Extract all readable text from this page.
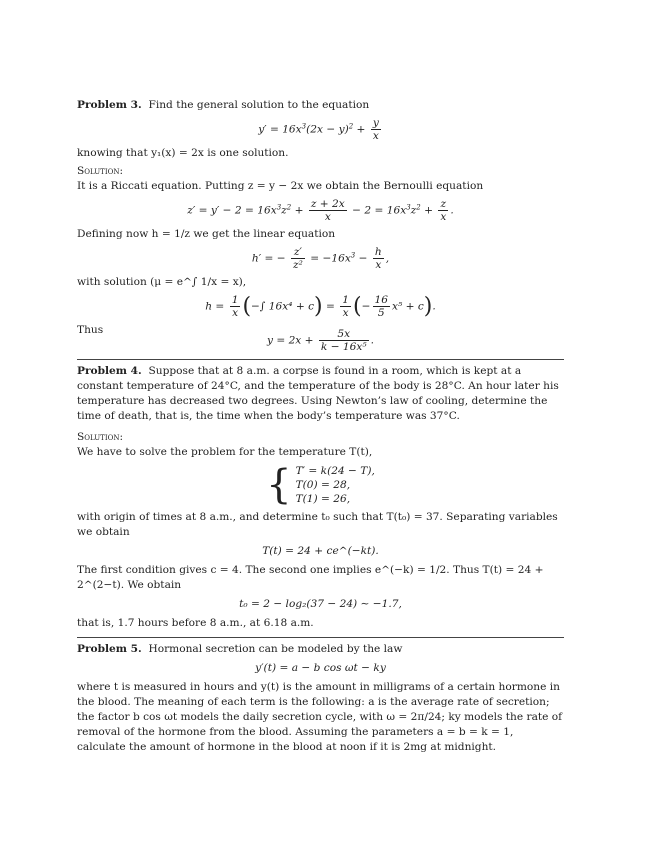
Problem 3. Find the general solution to the equation

$y' = 16x^3(2x - y)^2 + \frac{y}{x}$

knowing that y₁(x) = 2x is one solution.

Solution:

It is a Riccati equation. Putting z = y − 2x we obtain the Bernoulli equation

$z' = y' - 2 = 16x^3z^2 + \frac{z + 2x}{x} - 2 = 16x^3z^2 + \frac{z}{x}$ .

Defining now h = 1/z we get the linear equation

h′ = − $\frac{z'}{\text{z²}} = -16x^3 - \frac{h}{x}$ ,

with solution (μ = e^∫ 1/x = x),

$h = \frac{1}{x}$ (−∫ $16x^4 + c) = \frac{1}{x}$ (− $\frac{16}{5} x^5 + c$).

Thus

$y = 2x + \frac{5x}{\text{k − 16x⁵}}$ .

Problem 4. Suppose that at 8 a.m. a corpse is found in a room, which is kept at a constant temperature of 24°C, and the temperature of the body is 28°C. An hour later his temperature has decreased two degrees. Using Newton’s law of cooling, determine the time of death, that is, the time when the body’s temperature was 37°C.

Solution:

We have to solve the problem for the temperature T(t),

{ T′ = k(24 − T),
T(0) = 28,
T(1) = 26,

with origin of times at 8 a.m., and determine t₀ such that T(t₀) = 37. Separating variables we obtain

T(t) = 24 + ce^(−kt).

The first condition gives c = 4. The second one implies e^(−k) = 1/2. Thus T(t) = 24 + 2^(2−t). We obtain

t₀ = 2 − log₂(37 − 24) ∼ −1.7,

that is, 1.7 hours before 8 a.m., at 6.18 a.m.

Problem 5. Hormonal secretion can be modeled by the law

y′(t) = a − b cos ωt − ky

where t is measured in hours and y(t) is the amount in milligrams of a certain hormone in the blood. The meaning of each term is the following: a is the average rate of secretion; the factor b cos ωt models the daily secretion cycle, with ω = 2π/24; ky models the rate of removal of the hormone from the blood. Assuming the parameters a = b = k = 1, calculate the amount of hormone in the blood at noon if it is 2mg at midnight.
